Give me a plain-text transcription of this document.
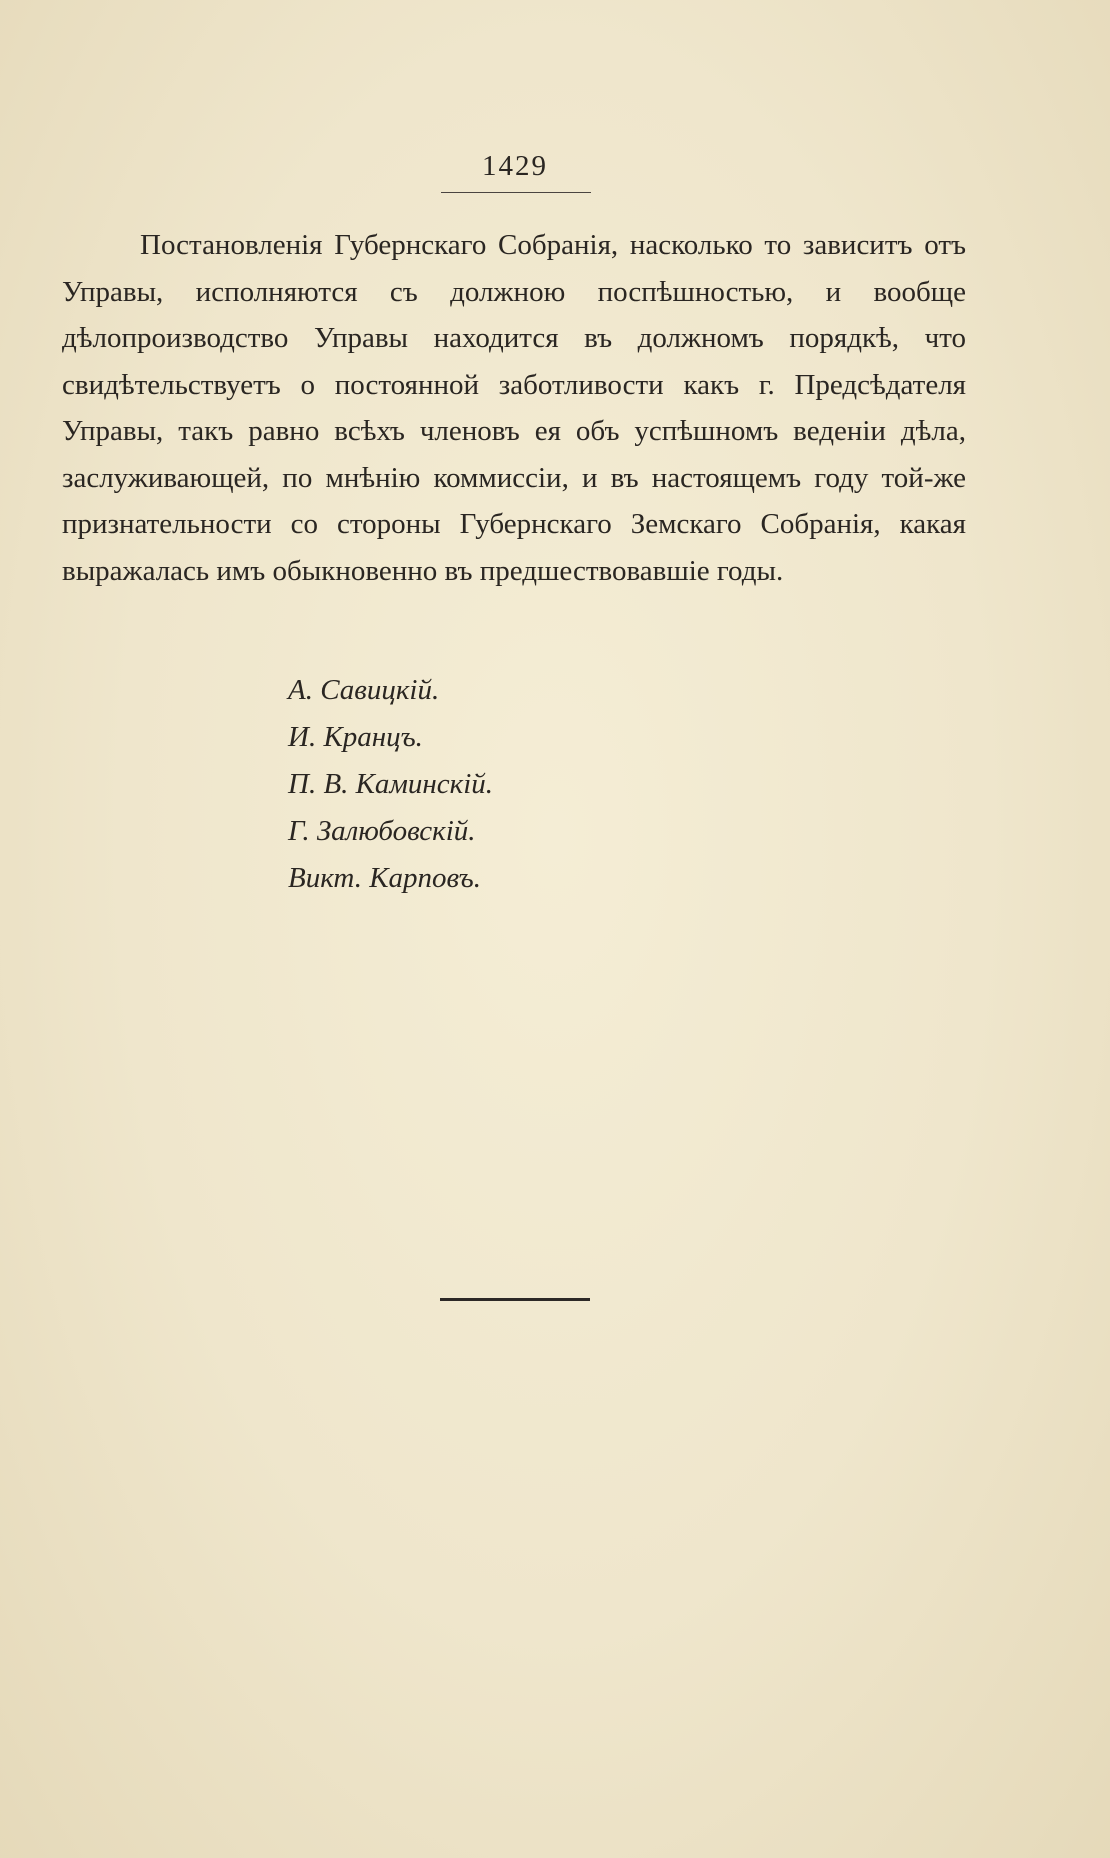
1429

Постановленія Губернскаго Собранія, насколько то зависитъ отъ Управы, исполняются съ должною поспѣшностью, и вообще дѣлопроизводство Управы находится въ должномъ порядкѣ, что свидѣтельствуетъ о постоянной заботливости какъ г. Предсѣдателя Управы, такъ равно всѣхъ членовъ ея объ успѣшномъ веденіи дѣла, заслуживающей, по мнѣнію коммиссіи, и въ настоящемъ году той-же признательности со стороны Губернскаго Земскаго Собранія, какая выражалась имъ обыкновенно въ предшествовавшіе годы.

А. Савицкій.
И. Кранцъ.
П. В. Каминскій.
Г. Залюбовскій.
Викт. Карповъ.
